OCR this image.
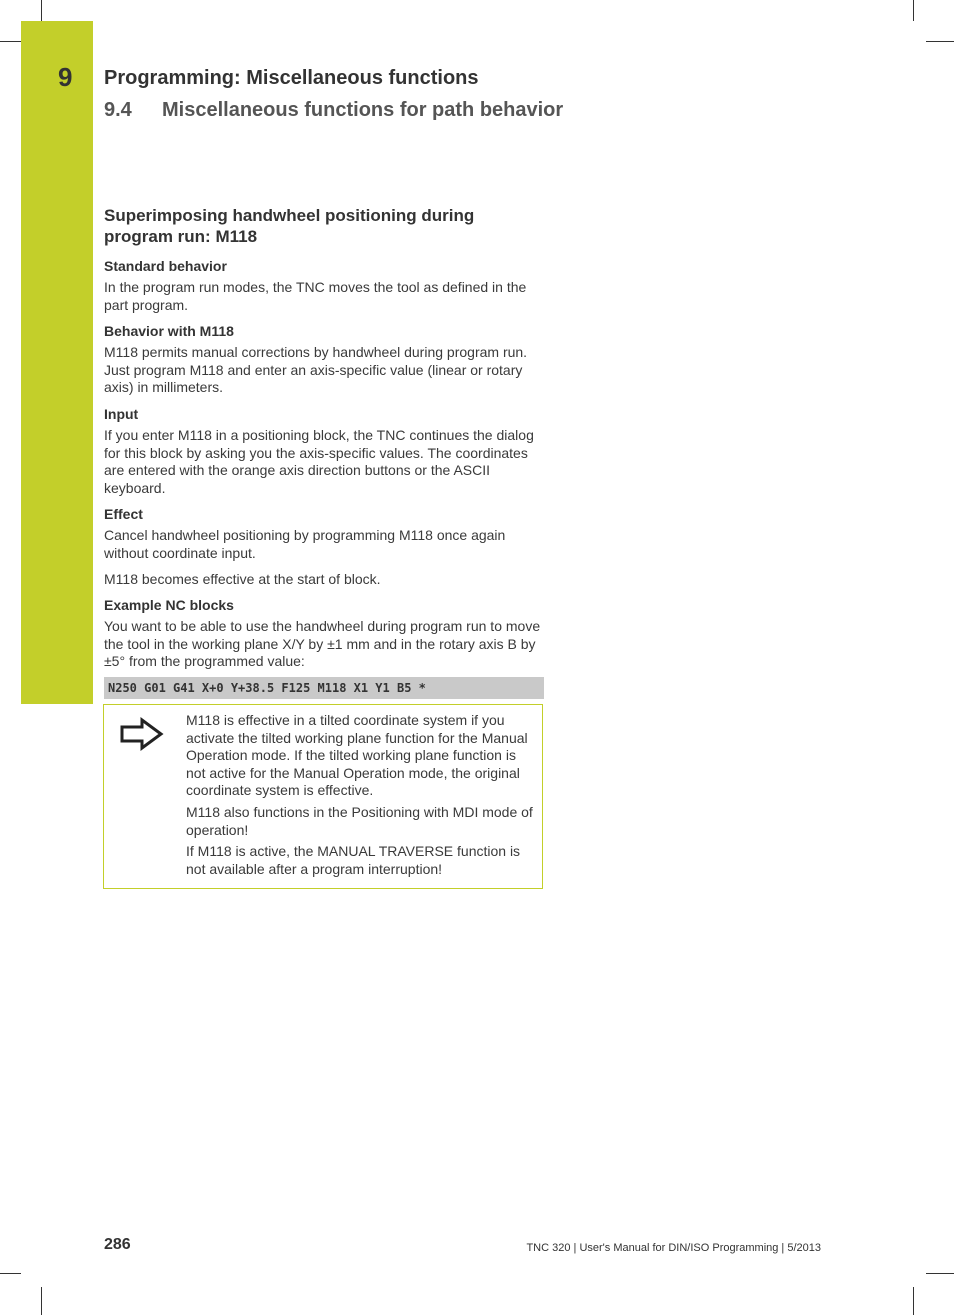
9 Programming: Miscellaneous functions
9.4 Miscellaneous functions for path behavior
Superimposing handwheel positioning during program run: M118
Standard behavior

In the program run modes, the TNC moves the tool as defined in the part program.

Behavior with M118

M118 permits manual corrections by handwheel during program run. Just program M118 and enter an axis-specific value (linear or rotary axis) in millimeters.

Input

If you enter M118 in a positioning block, the TNC continues the dialog for this block by asking you the axis-specific values. The coordinates are entered with the orange axis direction buttons or the ASCII keyboard.

Effect

Cancel handwheel positioning by programming M118 once again without coordinate input.

M118 becomes effective at the start of block.

Example NC blocks

You want to be able to use the handwheel during program run to move the tool in the working plane X/Y by ±1 mm and in the rotary axis B by ±5° from the programmed value:

N250 G01 G41 X+0 Y+38.5 F125 M118 X1 Y1 B5 *

M118 is effective in a tilted coordinate system if you activate the tilted working plane function for the Manual Operation mode. If the tilted working plane function is not active for the Manual Operation mode, the original coordinate system is effective.

M118 also functions in the Positioning with MDI mode of operation!

If M118 is active, the MANUAL TRAVERSE function is not available after a program interruption!

286	TNC 320 | User's Manual for DIN/ISO Programming | 5/2013
